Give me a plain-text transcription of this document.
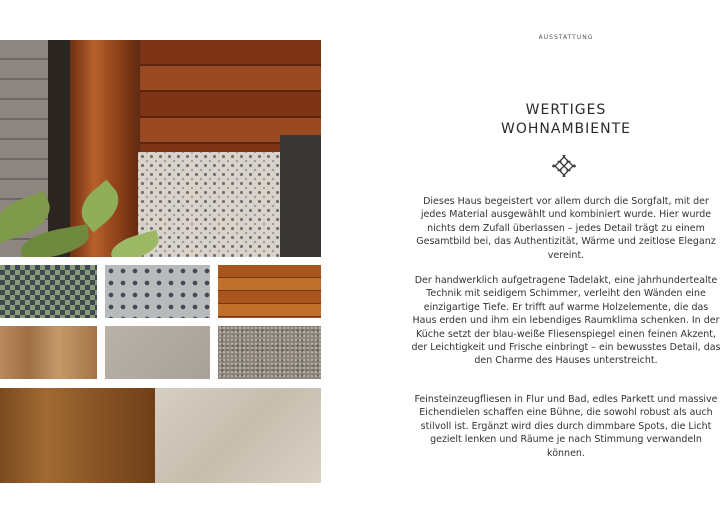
AUSSTATTUNG

WERTIGES
WOHNAMBIENTE

Dieses Haus begeistert vor allem durch die Sorgfalt, mit der jedes Material ausgewählt und kombiniert wurde. Hier wurde nichts dem Zufall überlassen – jedes Detail trägt zu einem Gesamtbild bei, das Authentizität, Wärme und zeitlose Eleganz vereint.

Der handwerklich aufgetragene Tadelakt, eine jahrhundertealte Technik mit seidigem Schimmer, verleiht den Wänden eine einzigartige Tiefe. Er trifft auf warme Holzelemente, die das Haus erden und ihm ein lebendiges Raumklima schenken. In der Küche setzt der blau-weiße Fliesenspiegel einen feinen Akzent, der Leichtigkeit und Frische einbringt – ein bewusstes Detail, das den Charme des Hauses unterstreicht.

Feinsteinzeugfliesen in Flur und Bad, edles Parkett und massive Eichendielen schaffen eine Bühne, die sowohl robust als auch stilvoll ist. Ergänzt wird dies durch dimmbare Spots, die Licht gezielt lenken und Räume je nach Stimmung verwandeln können.
